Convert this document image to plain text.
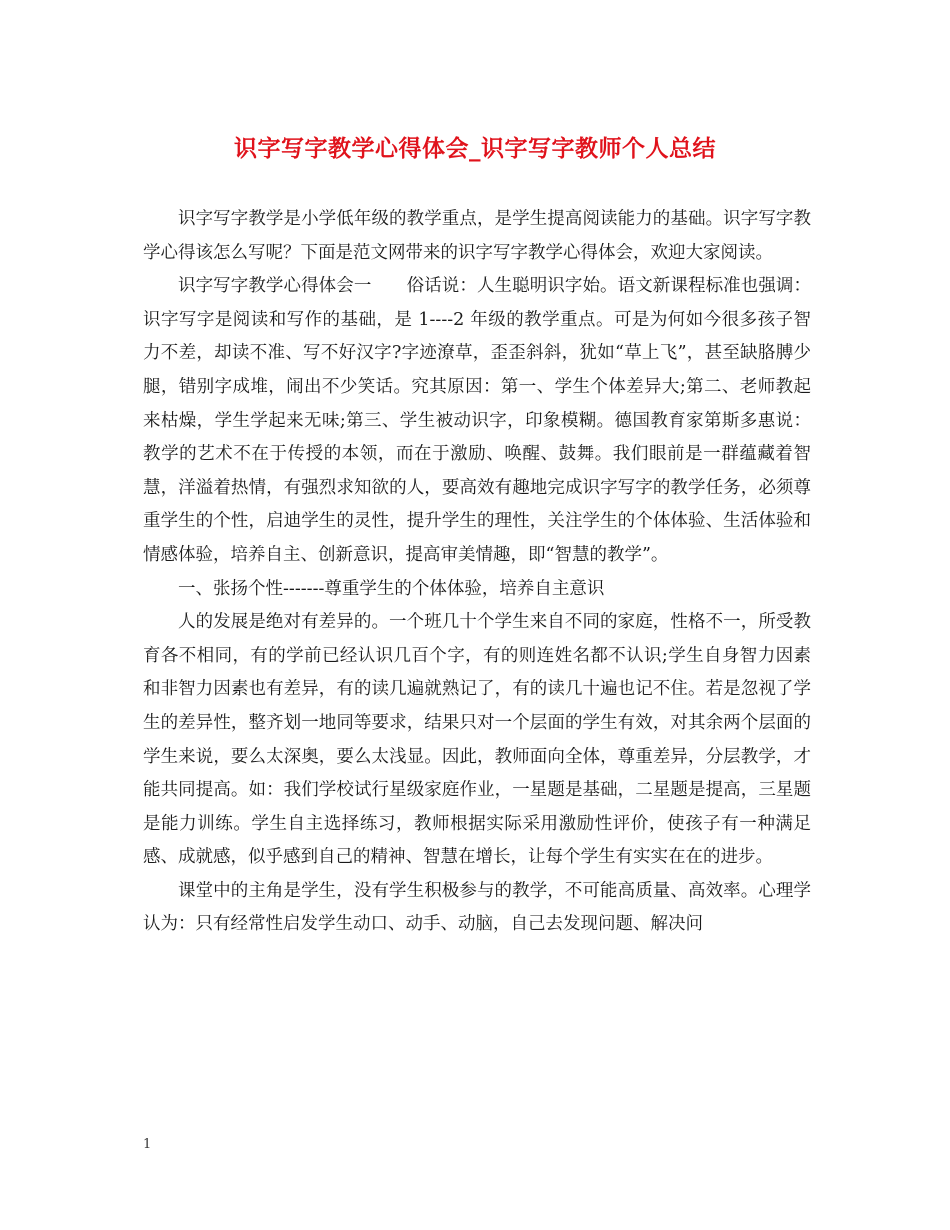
识字写字教学心得体会_识字写字教师个人总结

识字写字教学是小学低年级的教学重点，是学生提高阅读能力的基础。识字写字教学心得该怎么写呢？下面是范文网带来的识字写字教学心得体会，欢迎大家阅读。

识字写字教学心得体会一　　俗话说：人生聪明识字始。语文新课程标准也强调：识字写字是阅读和写作的基础，是 1----2 年级的教学重点。可是为何如今很多孩子智力不差，却读不准、写不好汉字?字迹潦草，歪歪斜斜，犹如“草上飞”，甚至缺胳膊少腿，错别字成堆，闹出不少笑话。究其原因：第一、学生个体差异大;第二、老师教起来枯燥，学生学起来无味;第三、学生被动识字，印象模糊。德国教育家第斯多惠说：教学的艺术不在于传授的本领，而在于激励、唤醒、鼓舞。我们眼前是一群蕴藏着智慧，洋溢着热情，有强烈求知欲的人，要高效有趣地完成识字写字的教学任务，必须尊重学生的个性，启迪学生的灵性，提升学生的理性，关注学生的个体体验、生活体验和情感体验，培养自主、创新意识，提高审美情趣，即“智慧的教学”。

一、张扬个性-------尊重学生的个体体验，培养自主意识

人的发展是绝对有差异的。一个班几十个学生来自不同的家庭，性格不一，所受教育各不相同，有的学前已经认识几百个字，有的则连姓名都不认识;学生自身智力因素和非智力因素也有差异，有的读几遍就熟记了，有的读几十遍也记不住。若是忽视了学生的差异性，整齐划一地同等要求，结果只对一个层面的学生有效，对其余两个层面的学生来说，要么太深奥，要么太浅显。因此，教师面向全体，尊重差异，分层教学，才能共同提高。如：我们学校试行星级家庭作业，一星题是基础，二星题是提高，三星题是能力训练。学生自主选择练习，教师根据实际采用激励性评价，使孩子有一种满足感、成就感，似乎感到自己的精神、智慧在增长，让每个学生有实实在在的进步。

课堂中的主角是学生，没有学生积极参与的教学，不可能高质量、高效率。心理学认为：只有经常性启发学生动口、动手、动脑，自己去发现问题、解决问

1
